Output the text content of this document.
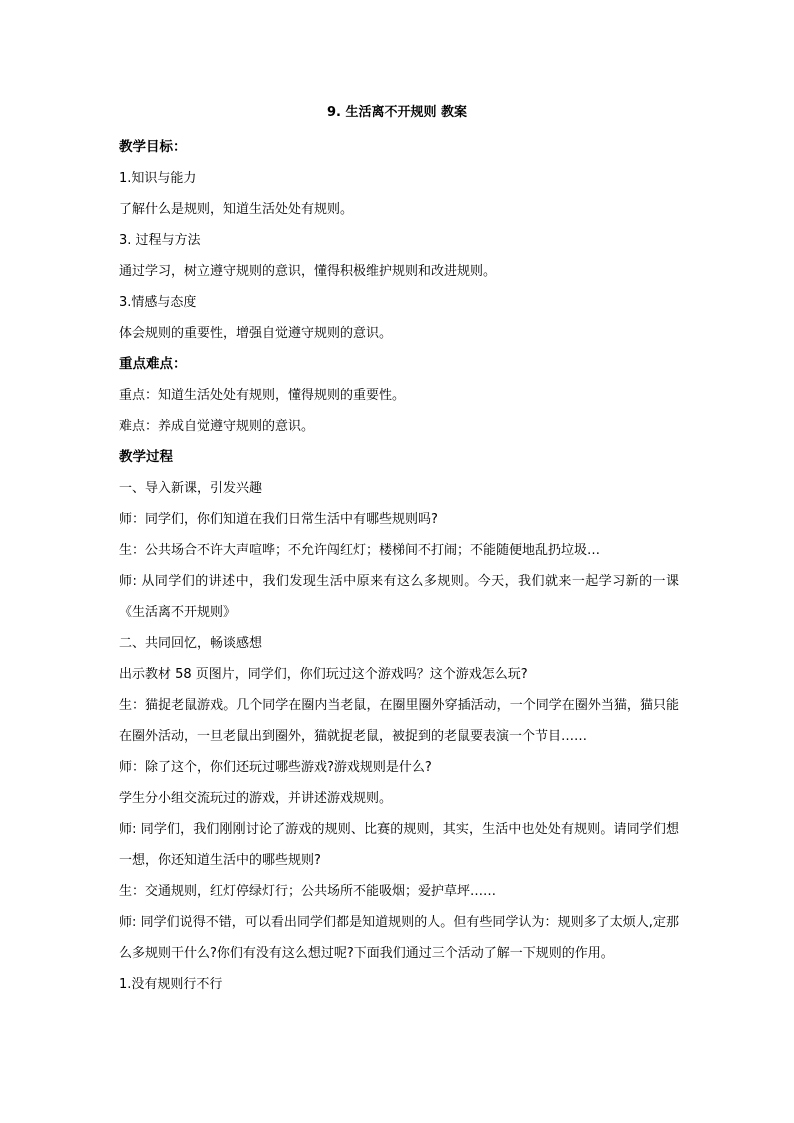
9. 生活离不开规则 教案

教学目标：

1.知识与能力

了解什么是规则，知道生活处处有规则。

3. 过程与方法

通过学习，树立遵守规则的意识，懂得积极维护规则和改进规则。

3.情感与态度

体会规则的重要性，增强自觉遵守规则的意识。

重点难点：

重点：知道生活处处有规则，懂得规则的重要性。

难点：养成自觉遵守规则的意识。

教学过程

一、导入新课，引发兴趣

师：同学们，你们知道在我们日常生活中有哪些规则吗?

生：公共场合不许大声喧哗；不允许闯红灯；楼梯间不打闹；不能随便地乱扔垃圾…

师: 从同学们的讲述中，我们发现生活中原来有这么多规则。今天，我们就来一起学习新的一课《生活离不开规则》

二、共同回忆，畅谈感想

出示教材 58 页图片，同学们，你们玩过这个游戏吗？这个游戏怎么玩?

生：猫捉老鼠游戏。几个同学在圈内当老鼠，在圈里圈外穿插活动，一个同学在圈外当猫，猫只能在圈外活动，一旦老鼠出到圈外，猫就捉老鼠，被捉到的老鼠要表演一个节目……

师：除了这个，你们还玩过哪些游戏?游戏规则是什么?

学生分小组交流玩过的游戏，并讲述游戏规则。

师: 同学们，我们刚刚讨论了游戏的规则、比赛的规则，其实，生活中也处处有规则。请同学们想一想，你还知道生活中的哪些规则?

生：交通规则，红灯停绿灯行；公共场所不能吸烟；爱护草坪……

师: 同学们说得不错，可以看出同学们都是知道规则的人。但有些同学认为：规则多了太烦人,定那么多规则干什么?你们有没有这么想过呢?下面我们通过三个活动了解一下规则的作用。

1.没有规则行不行
